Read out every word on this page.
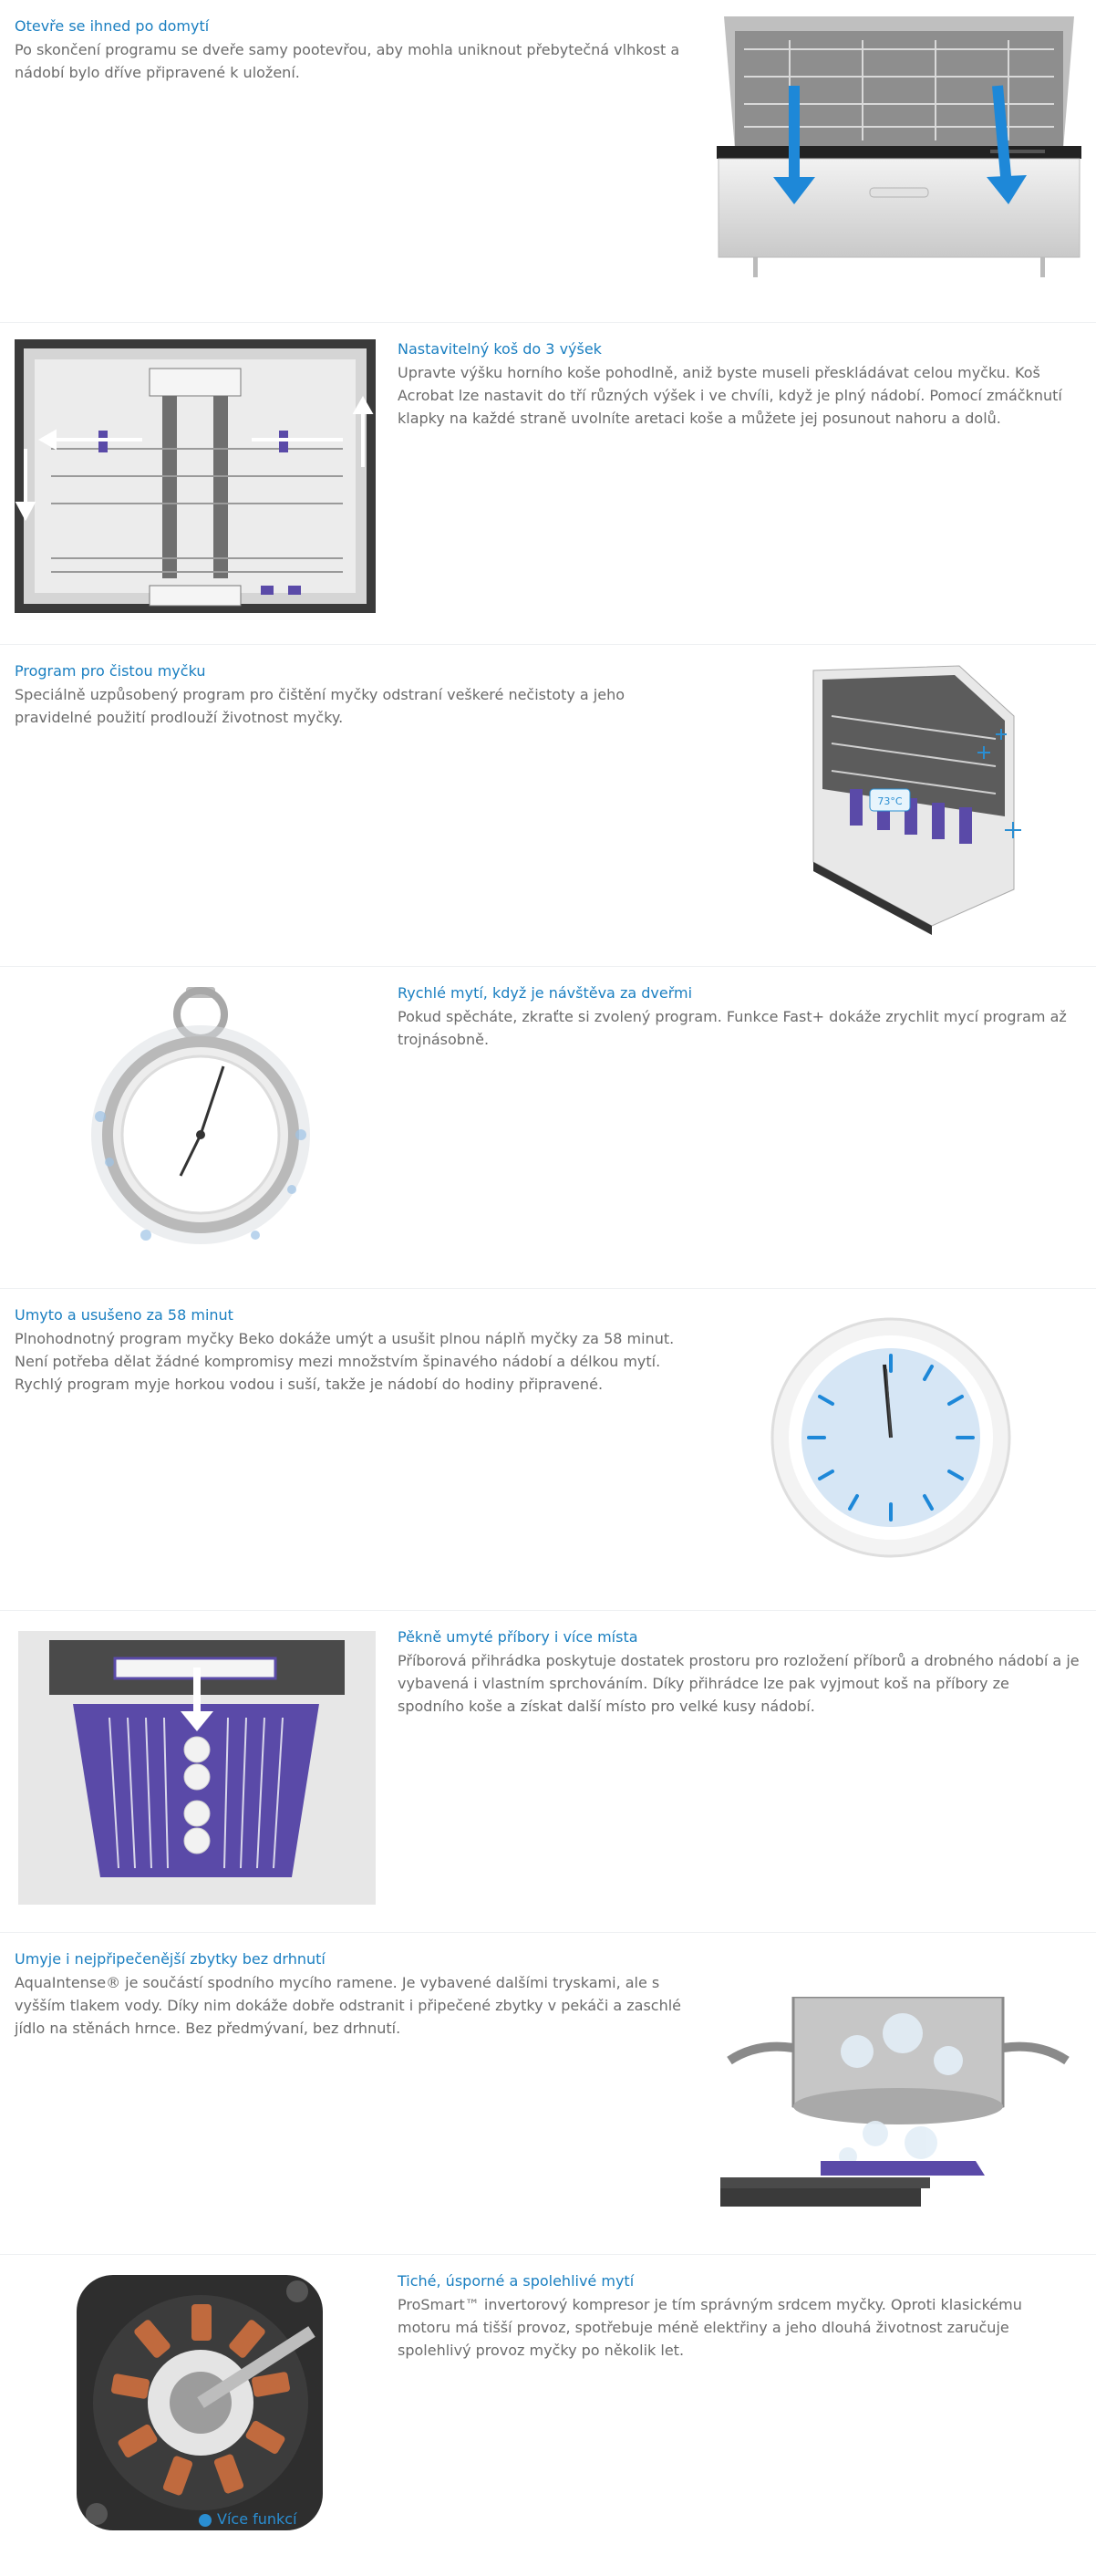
Otevře se ihned po domytí

Po skončení programu se dveře samy pootevřou, aby mohla uniknout přebytečná vlhkost a nádobí bylo dříve připravené k uložení.

Nastavitelný koš do 3 výšek

Upravte výšku horního koše pohodlně, aniž byste museli přeskládávat celou myčku. Koš Acrobat lze nastavit do tří různých výšek i ve chvíli, když je plný nádobí. Pomocí zmáčknutí klapky na každé straně uvolníte aretaci koše a můžete jej posunout nahoru a dolů.

Program pro čistou myčku

Speciálně uzpůsobený program pro čištění myčky odstraní veškeré nečistoty a jeho pravidelné použití prodlouží životnost myčky.

73°C
Rychlé mytí, když je návštěva za dveřmi

Pokud spěcháte, zkraťte si zvolený program. Funkce Fast+ dokáže zrychlit mycí program až trojnásobně.

Umyto a usušeno za 58 minut

Plnohodnotný program myčky Beko dokáže umýt a usušit plnou náplň myčky za 58 minut. Není potřeba dělat žádné kompromisy mezi množstvím špinavého nádobí a délkou mytí. Rychlý program myje horkou vodou i suší, takže je nádobí do hodiny připravené.

Pěkně umyté příbory i více místa

Příborová přihrádka poskytuje dostatek prostoru pro rozložení příborů a drobného nádobí a je vybavená i vlastním sprchováním. Díky přihrádce lze pak vyjmout koš na příbory ze spodního koše a získat další místo pro velké kusy nádobí.

Umyje i nejpřipečenější zbytky bez drhnutí

AquaIntense® je součástí spodního mycího ramene. Je vybavené dalšími tryskami, ale s vyšším tlakem vody. Díky nim dokáže dobře odstranit i připečené zbytky v pekáči a zaschlé jídlo na stěnách hrnce. Bez předmývaní, bez drhnutí.

Tiché, úsporné a spolehlivé mytí

ProSmart™ invertorový kompresor je tím správným srdcem myčky. Oproti klasickému motoru má tišší provoz, spotřebuje méně elektřiny a jeho dlouhá životnost zaručuje spolehlivý provoz myčky po několik let.

Více funkcí
